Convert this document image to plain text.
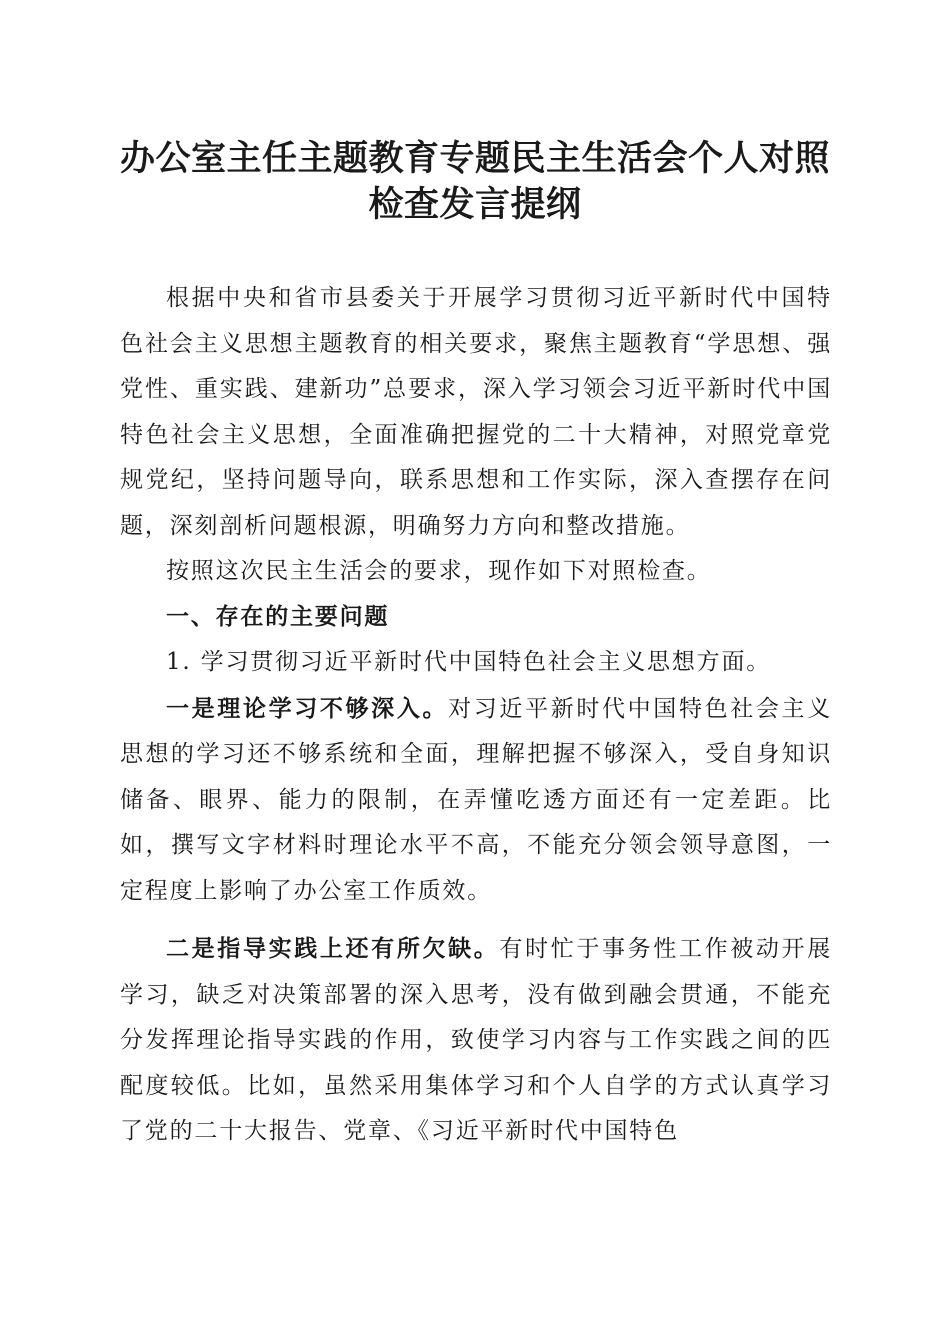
办公室主任主题教育专题民主生活会个人对照
检查发言提纲

根据中央和省市县委关于开展学习贯彻习近平新时代中国特色社会主义思想主题教育的相关要求，聚焦主题教育“学思想、强党性、重实践、建新功”总要求，深入学习领会习近平新时代中国特色社会主义思想，全面准确把握党的二十大精神，对照党章党规党纪，坚持问题导向，联系思想和工作实际，深入查摆存在问题，深刻剖析问题根源，明确努力方向和整改措施。

按照这次民主生活会的要求，现作如下对照检查。

一、存在的主要问题

1. 学习贯彻习近平新时代中国特色社会主义思想方面。

一是理论学习不够深入。对习近平新时代中国特色社会主义思想的学习还不够系统和全面，理解把握不够深入，受自身知识储备、眼界、能力的限制，在弄懂吃透方面还有一定差距。比如，撰写文字材料时理论水平不高，不能充分领会领导意图，一定程度上影响了办公室工作质效。

二是指导实践上还有所欠缺。有时忙于事务性工作被动开展学习，缺乏对决策部署的深入思考，没有做到融会贯通，不能充分发挥理论指导实践的作用，致使学习内容与工作实践之间的匹配度较低。比如，虽然采用集体学习和个人自学的方式认真学习了党的二十大报告、党章、《习近平新时代中国特色
